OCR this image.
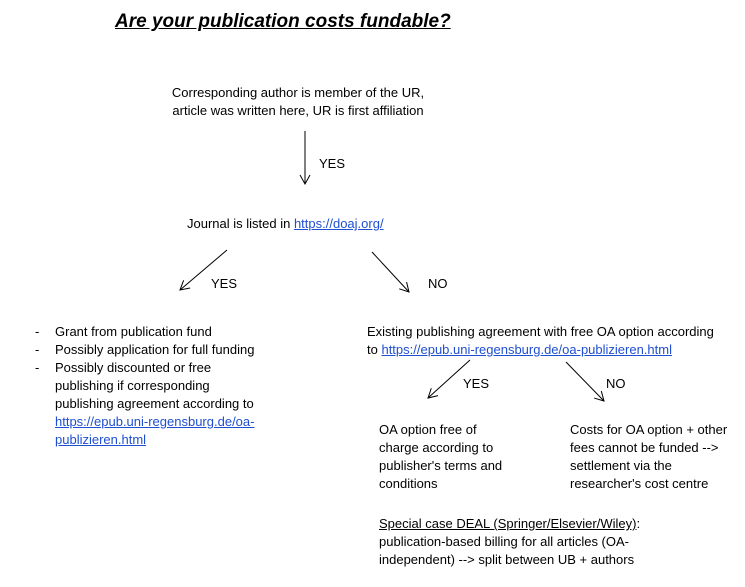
Are your publication costs fundable?
Corresponding author is member of the UR,
article was written here, UR is first affiliation
YES
Journal is listed in https://doaj.org/
YES	NO
- Grant from publication fund
- Possibly application for full funding
- Possibly discounted or free publishing if corresponding publishing agreement according to https://epub.uni-regensburg.de/oa-publizieren.html
Existing publishing agreement with free OA option according
to https://epub.uni-regensburg.de/oa-publizieren.html
YES	NO
OA option free of charge according to publisher's terms and conditions
Costs for OA option + other fees cannot be funded --> settlement via the researcher's cost centre
Special case DEAL (Springer/Elsevier/Wiley):
publication-based billing for all articles (OA-independent) --> split between UB + authors
